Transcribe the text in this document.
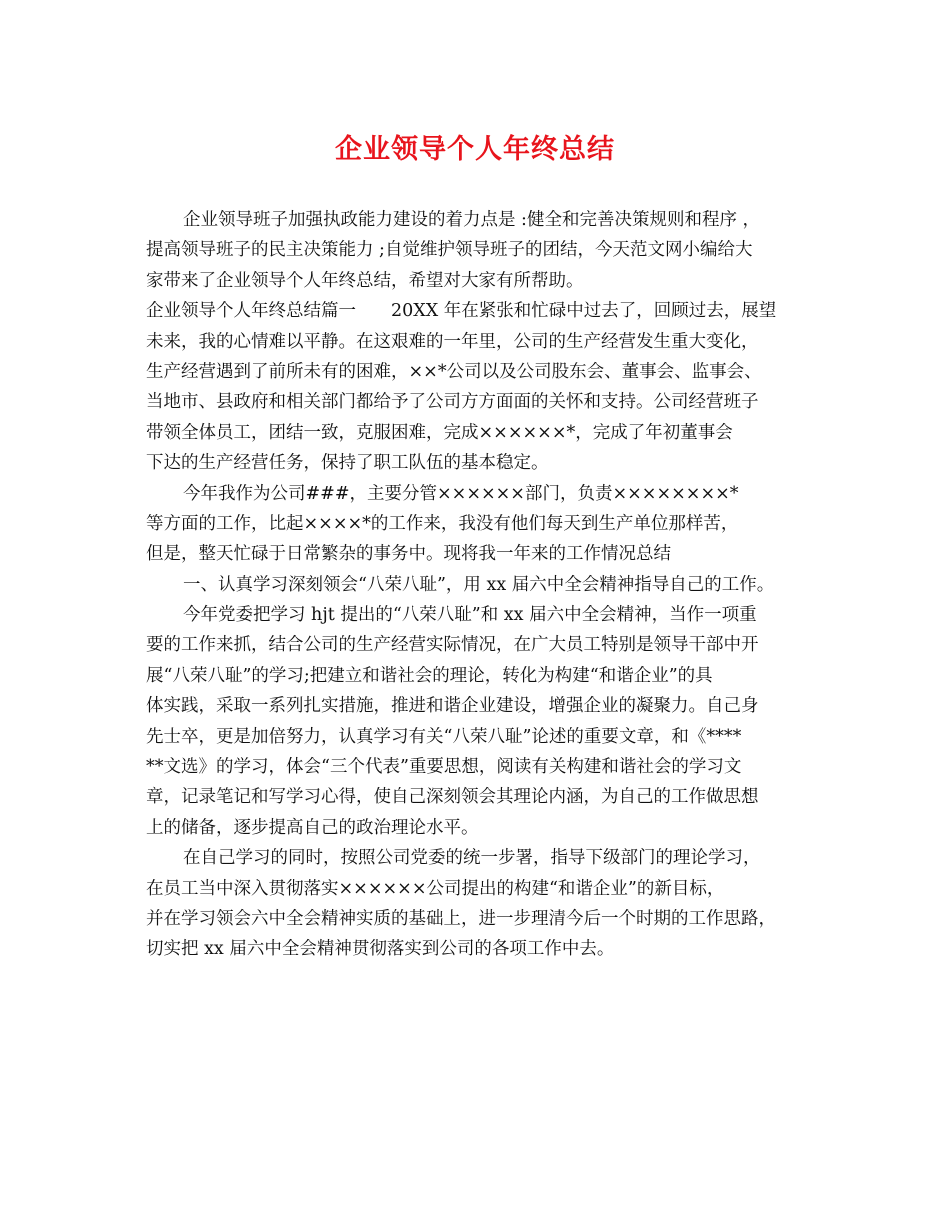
企业领导个人年终总结
企业领导班子加强执政能力建设的着力点是 :健全和完善决策规则和程序 ，
提高领导班子的民主决策能力 ;自觉维护领导班子的团结，今天范文网小编给大
家带来了企业领导个人年终总结，希望对大家有所帮助。
企业领导个人年终总结篇一　　20XX 年在紧张和忙碌中过去了，回顾过去，展望
未来，我的心情难以平静。在这艰难的一年里，公司的生产经营发生重大变化，
生产经营遇到了前所未有的困难，××*公司以及公司股东会、董事会、监事会、
当地市、县政府和相关部门都给予了公司方方面面的关怀和支持。公司经营班子
带领全体员工，团结一致，克服困难，完成××××××*，完成了年初董事会
下达的生产经营任务，保持了职工队伍的基本稳定。
今年我作为公司###，主要分管××××××部门，负责××××××××*
等方面的工作，比起××××*的工作来，我没有他们每天到生产单位那样苦，
但是，整天忙碌于日常繁杂的事务中。现将我一年来的工作情况总结
一、认真学习深刻领会“八荣八耻”，用 xx 届六中全会精神指导自己的工作。
今年党委把学习 hjt 提出的“八荣八耻”和 xx 届六中全会精神，当作一项重
要的工作来抓，结合公司的生产经营实际情况，在广大员工特别是领导干部中开
展“八荣八耻”的学习;把建立和谐社会的理论，转化为构建“和谐企业”的具
体实践，采取一系列扎实措施，推进和谐企业建设，增强企业的凝聚力。自己身
先士卒，更是加倍努力，认真学习有关“八荣八耻”论述的重要文章，和《****
**文选》的学习，体会“三个代表”重要思想，阅读有关构建和谐社会的学习文
章，记录笔记和写学习心得，使自己深刻领会其理论内涵，为自己的工作做思想
上的储备，逐步提高自己的政治理论水平。
在自己学习的同时，按照公司党委的统一步署，指导下级部门的理论学习，
在员工当中深入贯彻落实××××××公司提出的构建“和谐企业”的新目标，
并在学习领会六中全会精神实质的基础上，进一步理清今后一个时期的工作思路，
切实把 xx 届六中全会精神贯彻落实到公司的各项工作中去。
